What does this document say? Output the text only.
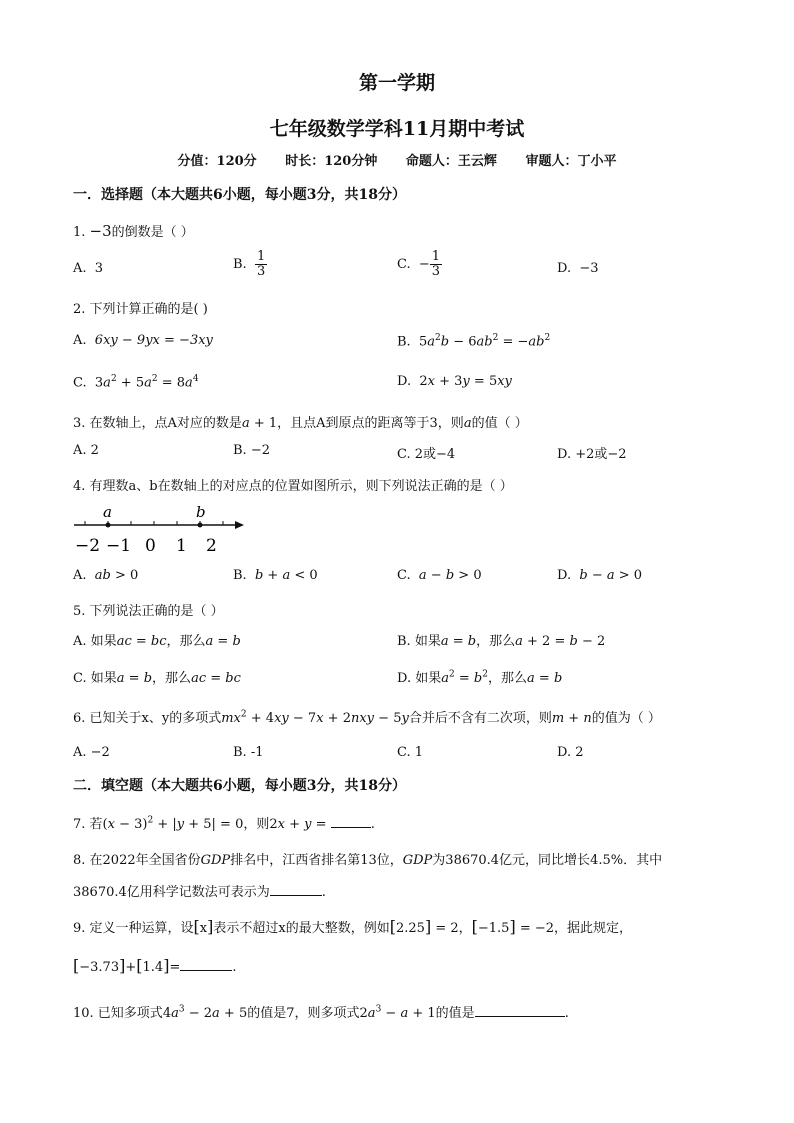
第一学期
七年级数学学科11月期中考试
分值：120分 时长：120分钟 命题人：王云辉 审题人：丁小平
一．选择题（本大题共6小题，每小题3分，共18分）
1. −3的倒数是（ ）
A. 3	B. $\frac{1}{3}$	C. − $\frac{1}{3}$	D. −3
2. 下列计算正确的是( )
A. 6xy − 9yx = −3xy	B.  $5a^2b - 6ab^2 = -ab^2$
C.  $3a^2 + 5a^2 = 8a^4$	D.  2x + 3y = 5xy
3. 在数轴上，点A对应的数是a + 1，且点A到原点的距离等于3，则a的值（ ）
A. 2	B. −2	C. 2或−4	D. +2或−2
4. 有理数a、b在数轴上的对应点的位置如图所示，则下列说法正确的是（ ）
a	b
−2 −1 0 1 2
A. ab > 0	B. b + a < 0	C. a − b > 0	D. b − a > 0
5. 下列说法正确的是（ ）
A. 如果ac = bc，那么a = b	B. 如果a = b，那么a + 2 = b − 2
C. 如果a = b，那么ac = bc	D. 如果$a^2 = b^2$，那么a = b
6. 已知关于x、y的多项式$mx^2 + 4xy - 7x + 2nxy - 5y$合并后不含有二次项，则m + n的值为（ ）
A. −2	B. -1	C. 1	D. 2
二．填空题（本大题共6小题，每小题3分，共18分）
7. 若$(x - 3)^2 + |y + 5| = 0$，则2x + y =	.
8. 在2022年全国省份GDP排名中，江西省排名第13位，GDP为38670.4亿元，同比增长4.5%．其中
38670.4亿用科学记数法可表示为	.
9. 定义一种运算，设[x]表示不超过x的最大整数，例如[2.25] = 2，[−1.5] = −2，据此规定，
[−3.73]+[1.4]=	.
10. 已知多项式$4a^3 - 2a + 5$的值是7，则多项式$2a^3 - a + 1$的值是	.
